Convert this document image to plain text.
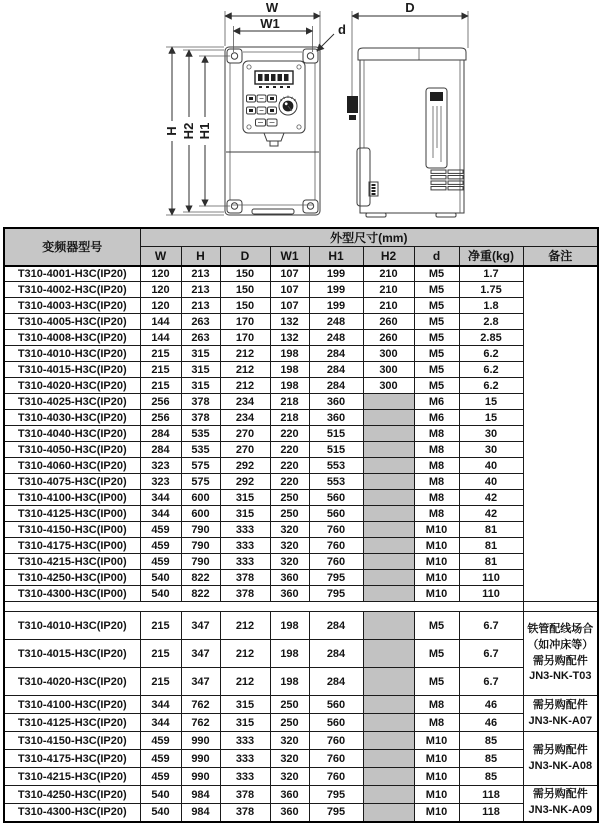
W
W1	d
H H2 H1
D
变频器型号	外型尺寸(mm)								
	W	H	D	W1	H1	H2	d	净重(kg)	备注
T310-4001-H3C(IP20)	120	213	150	107	199	210	M5	1.7	
T310-4002-H3C(IP20)	120	213	150	107	199	210	M5	1.75	
T310-4003-H3C(IP20)	120	213	150	107	199	210	M5	1.8	
T310-4005-H3C(IP20)	144	263	170	132	248	260	M5	2.8	
T310-4008-H3C(IP20)	144	263	170	132	248	260	M5	2.85	
T310-4010-H3C(IP20)	215	315	212	198	284	300	M5	6.2	
T310-4015-H3C(IP20)	215	315	212	198	284	300	M5	6.2	
T310-4020-H3C(IP20)	215	315	212	198	284	300	M5	6.2	
T310-4025-H3C(IP20)	256	378	234	218	360		M6	15	
T310-4030-H3C(IP20)	256	378	234	218	360		M6	15	
T310-4040-H3C(IP20)	284	535	270	220	515		M8	30	
T310-4050-H3C(IP20)	284	535	270	220	515		M8	30	
T310-4060-H3C(IP20)	323	575	292	220	553		M8	40	
T310-4075-H3C(IP20)	323	575	292	220	553		M8	40	
T310-4100-H3C(IP00)	344	600	315	250	560		M8	42	
T310-4125-H3C(IP00)	344	600	315	250	560		M8	42	
T310-4150-H3C(IP00)	459	790	333	320	760		M10	81	
T310-4175-H3C(IP00)	459	790	333	320	760		M10	81	
T310-4215-H3C(IP00)	459	790	333	320	760		M10	81	
T310-4250-H3C(IP00)	540	822	378	360	795		M10	110	
T310-4300-H3C(IP00)	540	822	378	360	795		M10	110	

T310-4010-H3C(IP20)	215	347	212	198	284		M5	6.7	铁管配线场合
（如冲床等）
需另购配件
JN3-NK-T03

T310-4015-H3C(IP20)	215	347	212	198	284		M5	6.7	
T310-4020-H3C(IP20)	215	347	212	198	284		M5	6.7	
T310-4100-H3C(IP20)	344	762	315	250	560		M8	46	需另购配件
JN3-NK-A07

T310-4125-H3C(IP20)	344	762	315	250	560		M8	46	
T310-4150-H3C(IP20)	459	990	333	320	760		M10	85	需另购配件
JN3-NK-A08

T310-4175-H3C(IP20)	459	990	333	320	760		M10	85	
T310-4215-H3C(IP20)	459	990	333	320	760		M10	85	
T310-4250-H3C(IP20)	540	984	378	360	795		M10	118	需另购配件
JN3-NK-A09

T310-4300-H3C(IP20)	540	984	378	360	795		M10	118	
